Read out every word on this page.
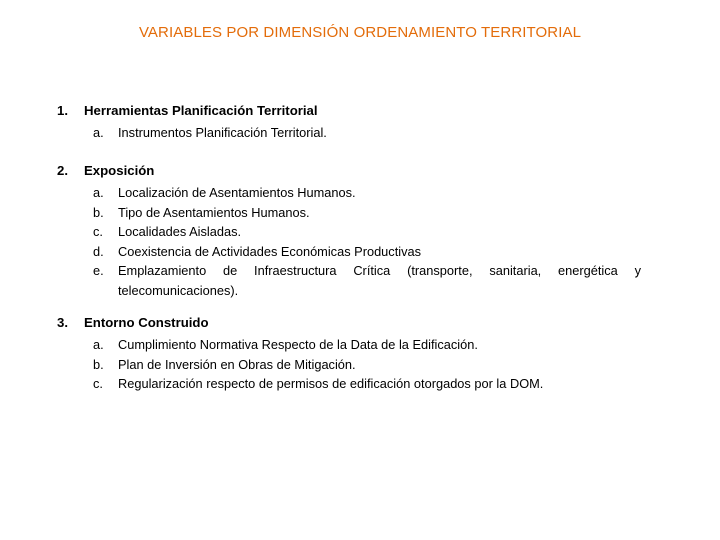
VARIABLES POR DIMENSIÓN ORDENAMIENTO TERRITORIAL
1. Herramientas Planificación Territorial
a.	Instrumentos Planificación Territorial.
2. Exposición
a.	Localización de Asentamientos Humanos.
b.	Tipo de Asentamientos Humanos.
c.	Localidades Aisladas.
d.	Coexistencia de Actividades Económicas Productivas
e.	Emplazamiento de Infraestructura Crítica (transporte, sanitaria, energética y telecomunicaciones).
3. Entorno Construido
a.	Cumplimiento Normativa Respecto de la Data de la Edificación.
b.	Plan de Inversión en Obras de Mitigación.
c.	Regularización respecto de permisos de edificación otorgados por la DOM.
